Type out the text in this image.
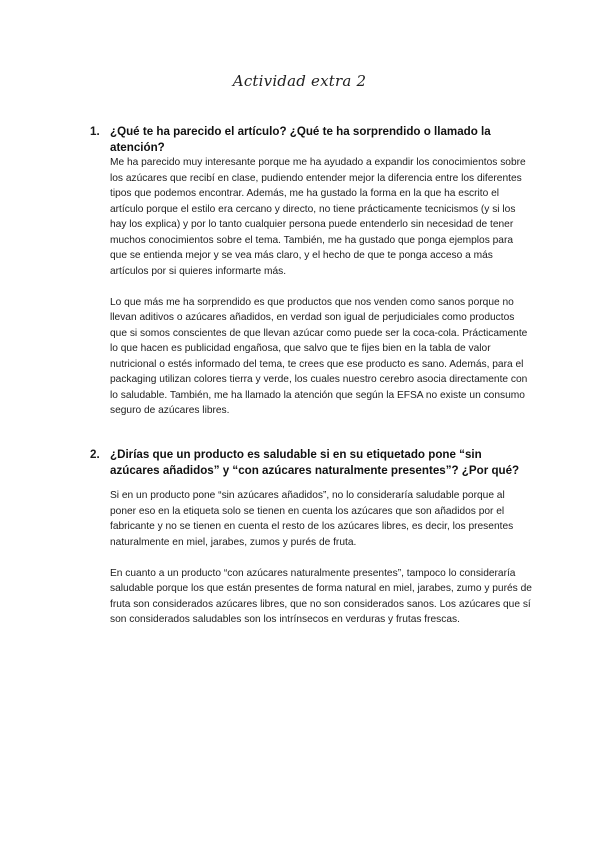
Actividad extra 2
1. ¿Qué te ha parecido el artículo? ¿Qué te ha sorprendido o llamado la atención?
Me ha parecido muy interesante porque me ha ayudado a expandir los conocimientos sobre los azúcares que recibí en clase, pudiendo entender mejor la diferencia entre los diferentes tipos que podemos encontrar. Además, me ha gustado la forma en la que ha escrito el artículo porque el estilo era cercano y directo, no tiene prácticamente tecnicismos (y si los hay los explica) y por lo tanto cualquier persona puede entenderlo sin necesidad de tener muchos conocimientos sobre el tema. También, me ha gustado que ponga ejemplos para que se entienda mejor y se vea más claro, y el hecho de que te ponga acceso a más artículos por si quieres informarte más.
Lo que más me ha sorprendido es que productos que nos venden como sanos porque no llevan aditivos o azúcares añadidos, en verdad son igual de perjudiciales como productos que si somos conscientes de que llevan azúcar como puede ser la coca-cola. Prácticamente lo que hacen es publicidad engañosa, que salvo que te fijes bien en la tabla de valor nutricional o estés informado del tema, te crees que ese producto es sano. Además, para el packaging utilizan colores tierra y verde, los cuales nuestro cerebro asocia directamente con lo saludable. También, me ha llamado la atención que según la EFSA no existe un consumo seguro de azúcares libres.
2. ¿Dirías que un producto es saludable si en su etiquetado pone “sin azúcares añadidos” y “con azúcares naturalmente presentes”? ¿Por qué?
Si en un producto pone “sin azúcares añadidos”, no lo consideraría saludable porque al poner eso en la etiqueta solo se tienen en cuenta los azúcares que son añadidos por el fabricante y no se tienen en cuenta el resto de los azúcares libres, es decir, los presentes naturalmente en miel, jarabes, zumos y purés de fruta.
En cuanto a un producto “con azúcares naturalmente presentes”, tampoco lo consideraría saludable porque los que están presentes de forma natural en miel, jarabes, zumo y purés de fruta son considerados azúcares libres, que no son considerados sanos. Los azúcares que sí son considerados saludables son los intrínsecos en verduras y frutas frescas.
